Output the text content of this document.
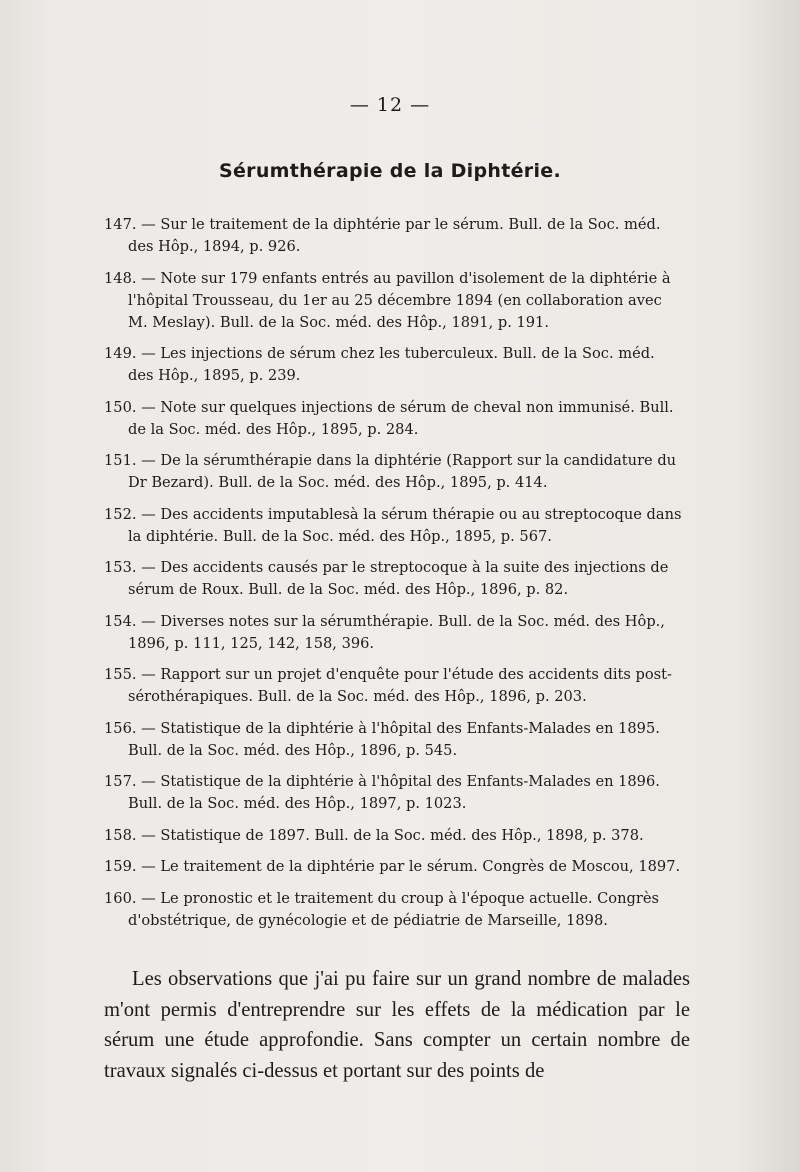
— 12 —
Sérumthérapie de la Diphtérie.
147. — Sur le traitement de la diphtérie par le sérum. Bull. de la Soc. méd.
des Hôp., 1894, p. 926.
148. — Note sur 179 enfants entrés au pavillon d'isolement de la diphtérie à
l'hôpital Trousseau, du 1er au 25 décembre 1894 (en collaboration avec
M. Meslay). Bull. de la Soc. méd. des Hôp., 1891, p. 191.
149. — Les injections de sérum chez les tuberculeux. Bull. de la Soc. méd.
des Hôp., 1895, p. 239.
150. — Note sur quelques injections de sérum de cheval non immunisé. Bull.
de la Soc. méd. des Hôp., 1895, p. 284.
151. — De la sérumthérapie dans la diphtérie (Rapport sur la candidature du
Dr Bezard). Bull. de la Soc. méd. des Hôp., 1895, p. 414.
152. — Des accidents imputablesà la sérum thérapie ou au streptocoque dans
la diphtérie. Bull. de la Soc. méd. des Hôp., 1895, p. 567.
153. — Des accidents causés par le streptocoque à la suite des injections de
sérum de Roux. Bull. de la Soc. méd. des Hôp., 1896, p. 82.
154. — Diverses notes sur la sérumthérapie. Bull. de la Soc. méd. des Hôp.,
1896, p. 111, 125, 142, 158, 396.
155. — Rapport sur un projet d'enquête pour l'étude des accidents dits post-
sérothérapiques. Bull. de la Soc. méd. des Hôp., 1896, p. 203.
156. — Statistique de la diphtérie à l'hôpital des Enfants-Malades en 1895.
Bull. de la Soc. méd. des Hôp., 1896, p. 545.
157. — Statistique de la diphtérie à l'hôpital des Enfants-Malades en 1896.
Bull. de la Soc. méd. des Hôp., 1897, p. 1023.
158. — Statistique de 1897. Bull. de la Soc. méd. des Hôp., 1898, p. 378.
159. — Le traitement de la diphtérie par le sérum. Congrès de Moscou, 1897.
160. — Le pronostic et le traitement du croup à l'époque actuelle. Congrès
d'obstétrique, de gynécologie et de pédiatrie de Marseille, 1898.
Les observations que j'ai pu faire sur un grand nombre de malades m'ont permis d'entreprendre sur les effets de la médication par le sérum une étude approfondie. Sans compter un certain nombre de travaux signalés ci-dessus et portant sur des points de
